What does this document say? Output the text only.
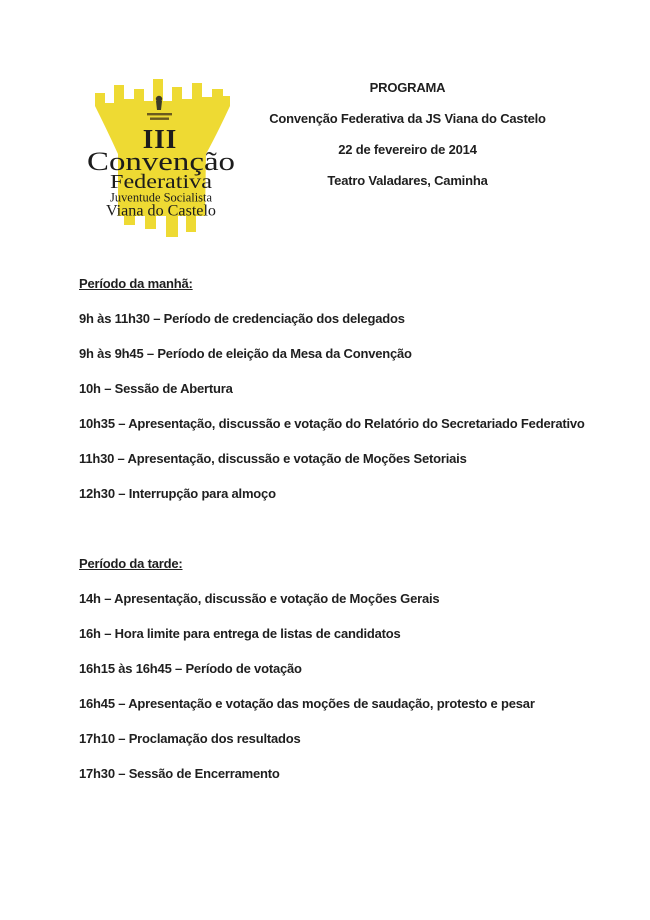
III
Convenção
Federativa
Juventude Socialista
Viana do Castelo
PROGRAMA
Convenção Federativa da JS Viana do Castelo
22 de fevereiro de 2014
Teatro Valadares, Caminha
Período da manhã:
9h às 11h30 – Período de credenciação dos delegados
9h às 9h45 – Período de eleição da Mesa da Convenção
10h – Sessão de Abertura
10h35 – Apresentação, discussão e votação do Relatório do Secretariado Federativo
11h30 – Apresentação, discussão e votação de Moções Setoriais
12h30 – Interrupção para almoço
Período da tarde:
14h – Apresentação, discussão e votação de Moções Gerais
16h – Hora limite para entrega de listas de candidatos
16h15 às 16h45 – Período de votação
16h45 – Apresentação e votação das moções de saudação, protesto e pesar
17h10 – Proclamação dos resultados
17h30 – Sessão de Encerramento
